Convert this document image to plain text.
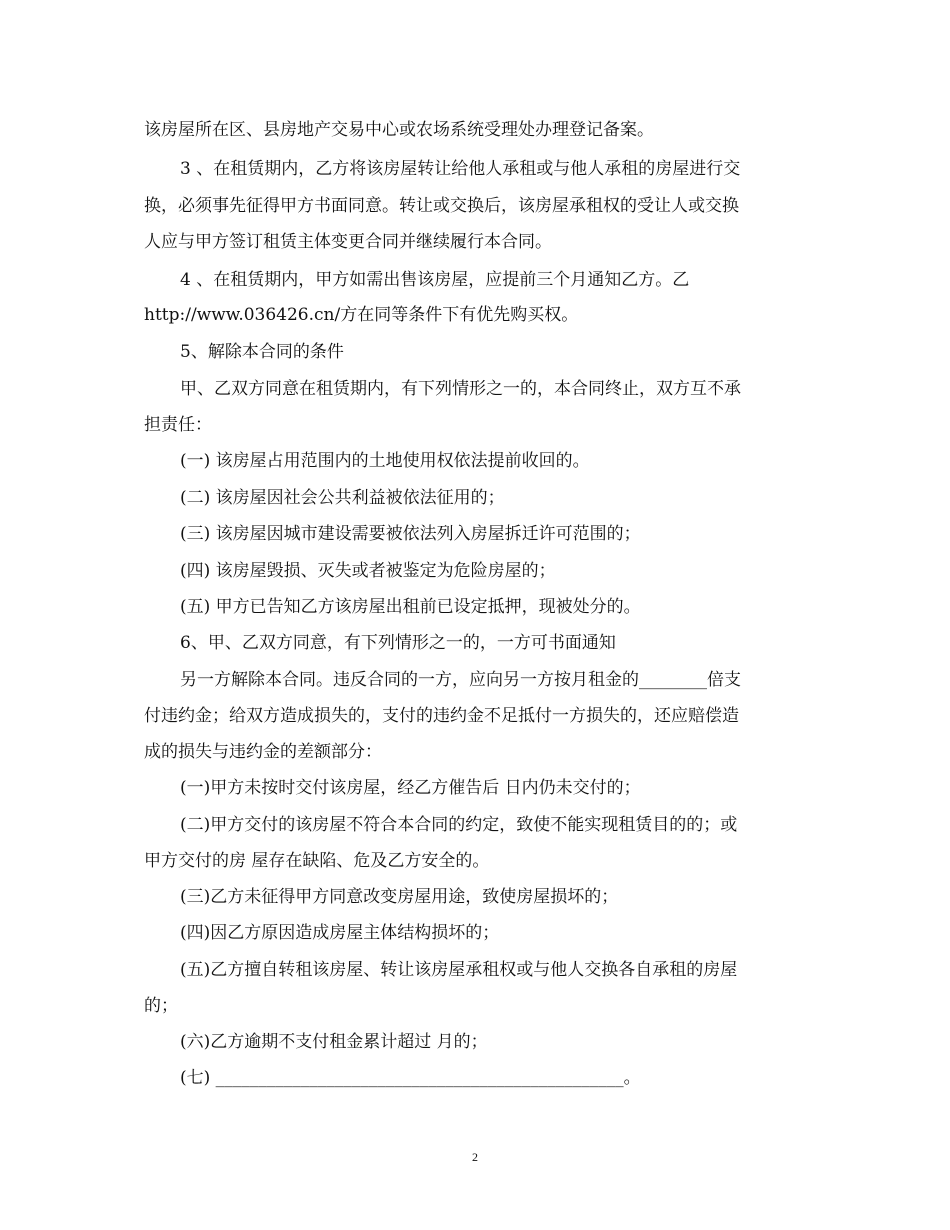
该房屋所在区、县房地产交易中心或农场系统受理处办理登记备案。
3 、在租赁期内，乙方将该房屋转让给他人承租或与他人承租的房屋进行交
换，必须事先征得甲方书面同意。转让或交换后，该房屋承租权的受让人或交换
人应与甲方签订租赁主体变更合同并继续履行本合同。
4 、在租赁期内，甲方如需出售该房屋，应提前三个月通知乙方。乙
http://www.036426.cn/方在同等条件下有优先购买权。
5、解除本合同的条件
甲、乙双方同意在租赁期内，有下列情形之一的，本合同终止，双方互不承
担责任：
(一) 该房屋占用范围内的土地使用权依法提前收回的。
(二) 该房屋因社会公共利益被依法征用的；
(三) 该房屋因城市建设需要被依法列入房屋拆迁许可范围的；
(四) 该房屋毁损、灭失或者被鉴定为危险房屋的；
(五) 甲方已告知乙方该房屋出租前已设定抵押，现被处分的。
6、甲、乙双方同意，有下列情形之一的，一方可书面通知
另一方解除本合同。违反合同的一方，应向另一方按月租金的________倍支
付违约金；给双方造成损失的，支付的违约金不足抵付一方损失的，还应赔偿造
成的损失与违约金的差额部分：
(一)甲方未按时交付该房屋，经乙方催告后 日内仍未交付的；
(二)甲方交付的该房屋不符合本合同的约定，致使不能实现租赁目的的；或
甲方交付的房 屋存在缺陷、危及乙方安全的。
(三)乙方未征得甲方同意改变房屋用途，致使房屋损坏的；
(四)因乙方原因造成房屋主体结构损坏的；
(五)乙方擅自转租该房屋、转让该房屋承租权或与他人交换各自承租的房屋
的；
(六)乙方逾期不支付租金累计超过 月的；
(七) ________________________________________________。
2
